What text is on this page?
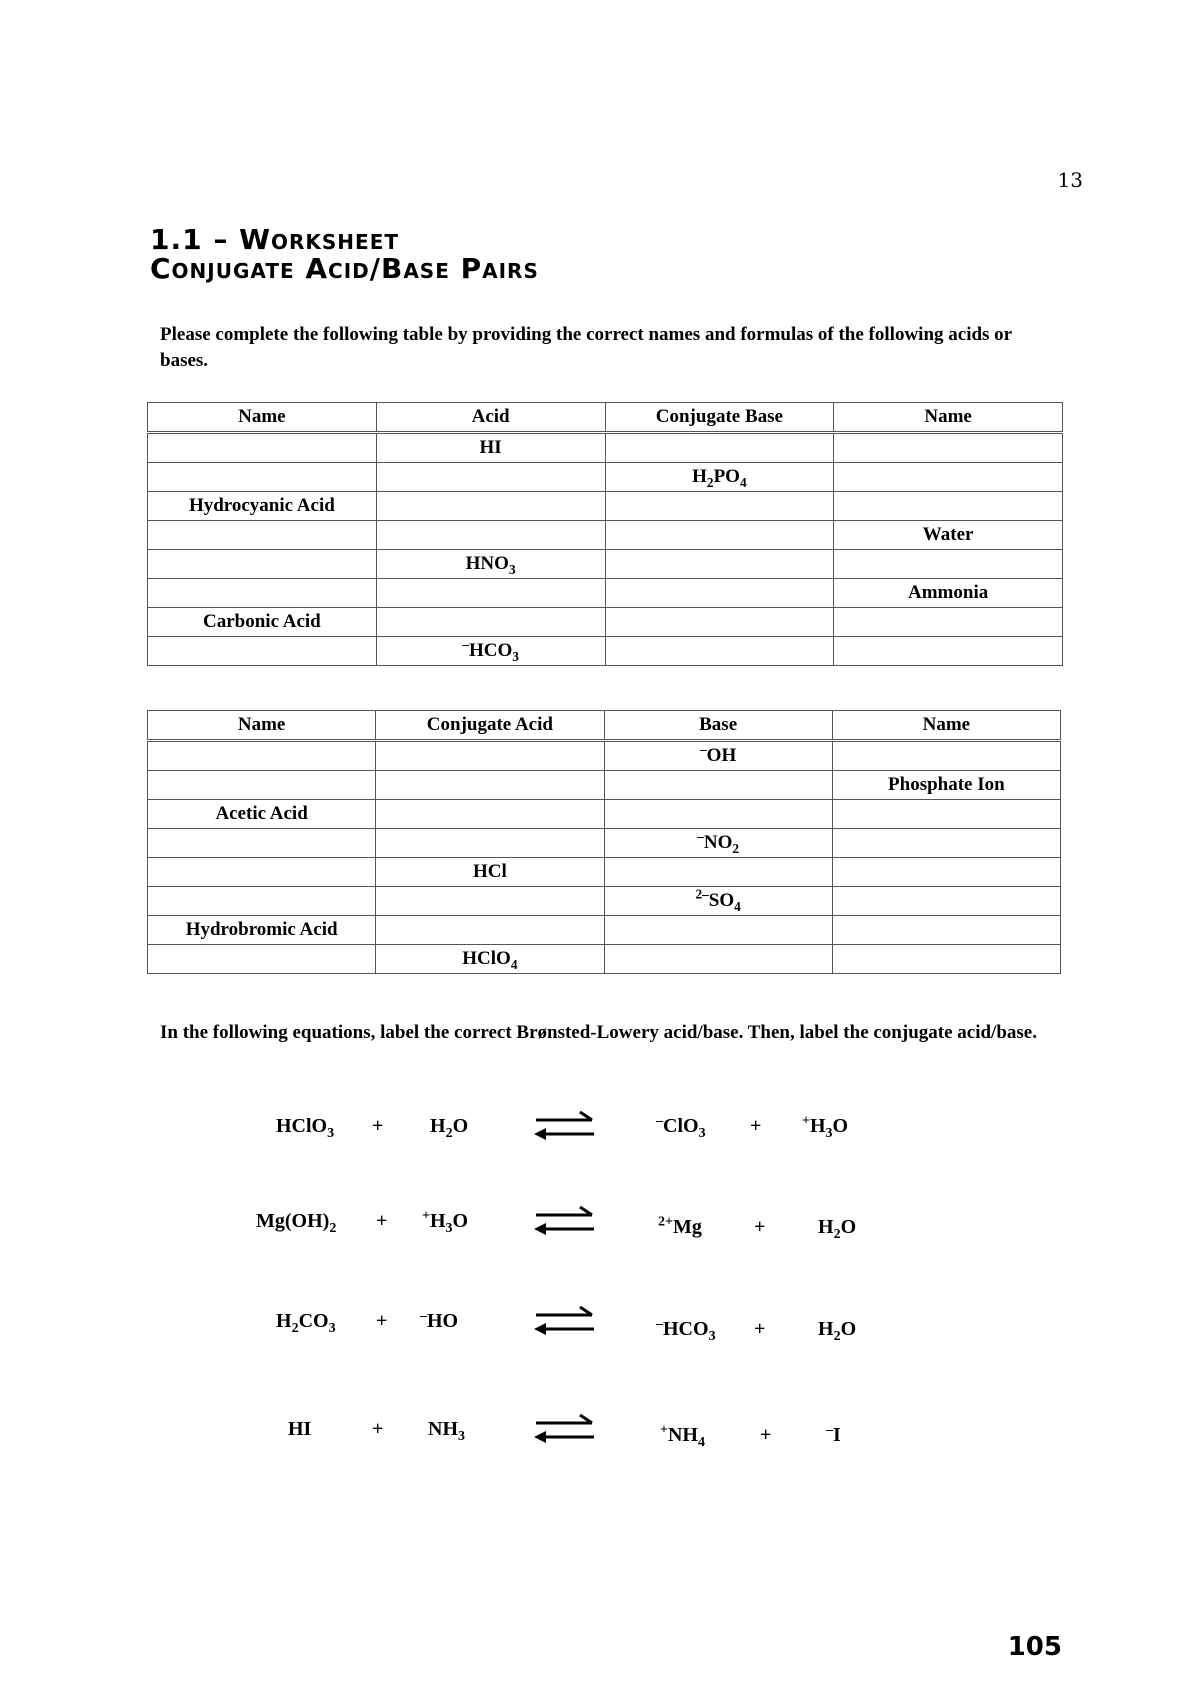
13
1.1 – Worksheet
Conjugate Acid/Base Pairs
Please complete the following table by providing the correct names and formulas of the following acids or bases.
Name	Acid	Conjugate Base	Name
	HI		
		$H_2PO_4$	
Hydrocyanic Acid			
			Water
	$HNO_3$		
			Ammonia
Carbonic Acid			
	$^-HCO_3$		
Name	Conjugate Acid	Base	Name
		–OH	
			Phosphate Ion
Acetic Acid			
		$^-NO_2$	
	HCl		
		$^{2-}SO_4$	
Hydrobromic Acid			
	HClO$_4$		
In the following equations, label the correct Brønsted-Lowery acid/base. Then, label the conjugate acid/base.
HClO$_3$ + $H_2O$	–ClO$_3$ +	$^+H_3O$
$Mg(OH)_2 + ^+H_3O$	$^{2+}$Mg	+	$H_2O$
$H_2CO_3 + ^-HO$	$^-HCO_3$ +	$H_2O$
HI	+ $NH_3$	$^+NH_4$	+	–I
105
